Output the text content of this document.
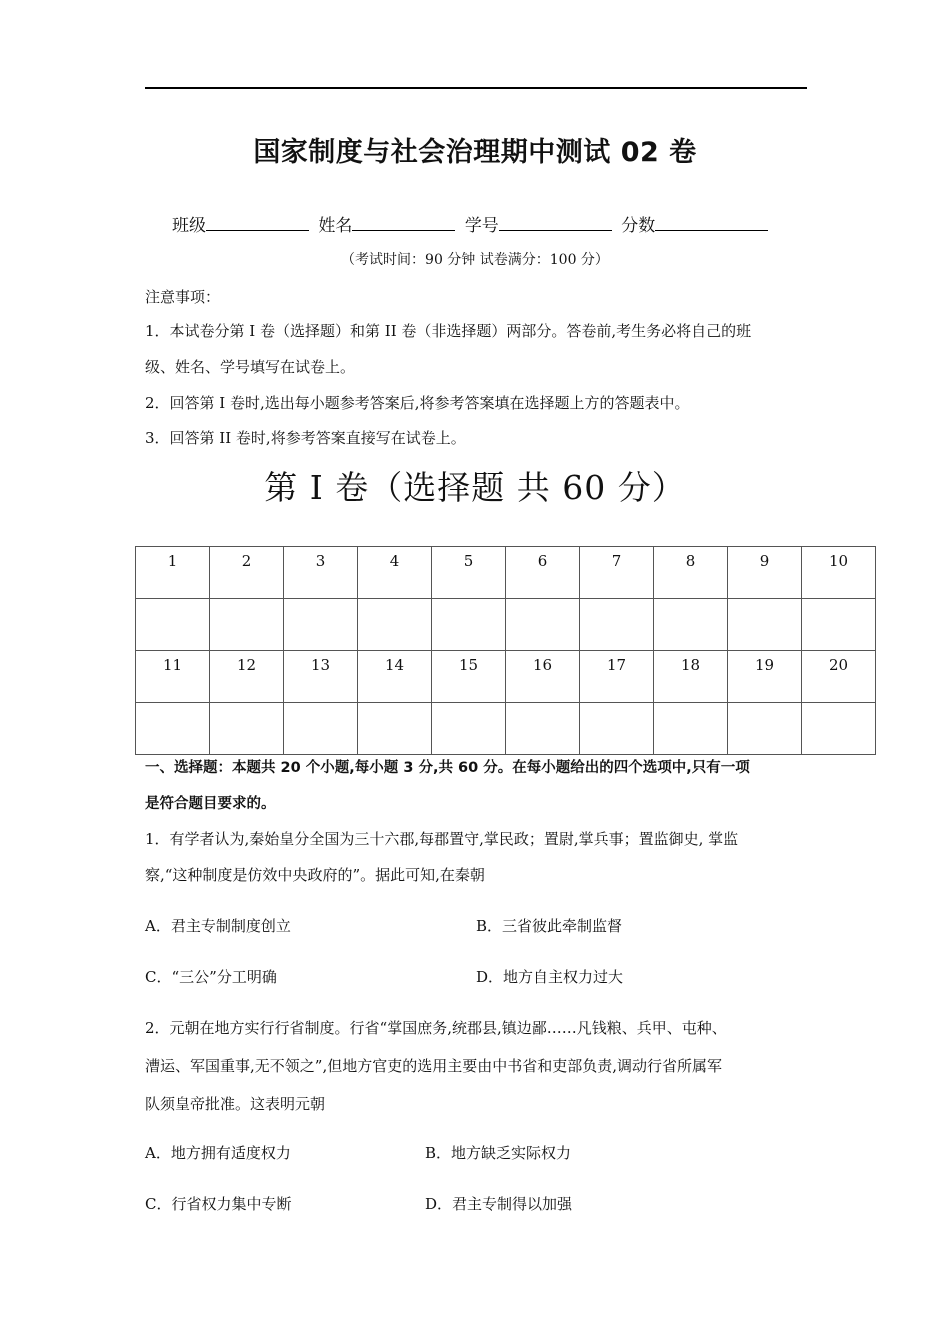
国家制度与社会治理期中测试 02 卷
班级	姓名	学号	分数
（考试时间：90 分钟 试卷满分：100 分）
注意事项：
1．本试卷分第 I 卷（选择题）和第 II 卷（非选择题）两部分。答卷前,考生务必将自己的班
级、姓名、学号填写在试卷上。
2．回答第 I 卷时,选出每小题参考答案后,将参考答案填在选择题上方的答题表中。
3．回答第 II 卷时,将参考答案直接写在试卷上。
第 I 卷（选择题 共 60 分）
1	2	3	4	5	6	7	8	9	10

11	12	13	14	15	16	17	18	19	20

一、选择题：本题共 20 个小题,每小题 3 分,共 60 分。在每小题给出的四个选项中,只有一项
是符合题目要求的。
1．有学者认为,秦始皇分全国为三十六郡,每郡置守,掌民政；置尉,掌兵事；置监御史, 掌监
察,“这种制度是仿效中央政府的”。据此可知,在秦朝
A．君主专制制度创立	B．三省彼此牵制监督
C．“三公”分工明确	D．地方自主权力过大
2．元朝在地方实行行省制度。行省“掌国庶务,统郡县,镇边鄙……凡钱粮、兵甲、屯种、
漕运、军国重事,无不领之”,但地方官吏的选用主要由中书省和吏部负责,调动行省所属军
队须皇帝批准。这表明元朝
A．地方拥有适度权力	B．地方缺乏实际权力
C．行省权力集中专断	D．君主专制得以加强
